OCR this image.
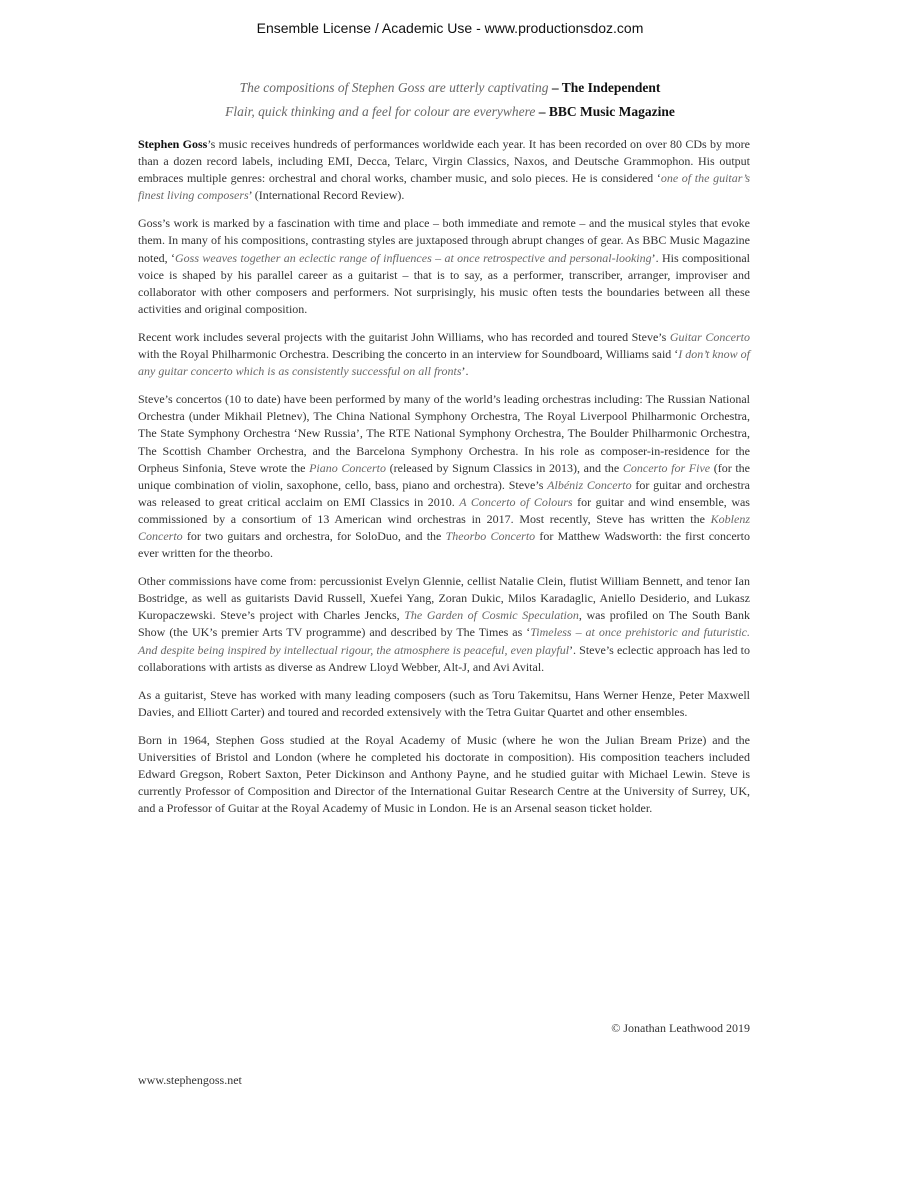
Ensemble License / Academic Use - www.productionsdoz.com
The compositions of Stephen Goss are utterly captivating – The Independent
Flair, quick thinking and a feel for colour are everywhere – BBC Music Magazine

Stephen Goss’s music receives hundreds of performances worldwide each year. It has been recorded on over 80 CDs by more than a dozen record labels, including EMI, Decca, Telarc, Virgin Classics, Naxos, and Deutsche Grammophon. His output embraces multiple genres: orchestral and choral works, chamber music, and solo pieces. He is considered ‘one of the guitar’s finest living composers’ (International Record Review).

Goss’s work is marked by a fascination with time and place – both immediate and remote – and the musical styles that evoke them. In many of his compositions, contrasting styles are juxtaposed through abrupt changes of gear. As BBC Music Magazine noted, ‘Goss weaves together an eclectic range of influences – at once retrospective and personal-looking’. His compositional voice is shaped by his parallel career as a guitarist – that is to say, as a performer, transcriber, arranger, improviser and collaborator with other composers and performers. Not surprisingly, his music often tests the boundaries between all these activities and original composition.

Recent work includes several projects with the guitarist John Williams, who has recorded and toured Steve’s Guitar Concerto with the Royal Philharmonic Orchestra. Describing the concerto in an interview for Soundboard, Williams said ‘I don’t know of any guitar concerto which is as consistently successful on all fronts’.

Steve’s concertos (10 to date) have been performed by many of the world’s leading orchestras including: The Russian National Orchestra (under Mikhail Pletnev), The China National Symphony Orchestra, The Royal Liverpool Philharmonic Orchestra, The State Symphony Orchestra ‘New Russia’, The RTE National Symphony Orchestra, The Boulder Philharmonic Orchestra, The Scottish Chamber Orchestra, and the Barcelona Symphony Orchestra. In his role as composer-in-residence for the Orpheus Sinfonia, Steve wrote the Piano Concerto (released by Signum Classics in 2013), and the Concerto for Five (for the unique combination of violin, saxophone, cello, bass, piano and orchestra). Steve’s Albéniz Concerto for guitar and orchestra was released to great critical acclaim on EMI Classics in 2010. A Concerto of Colours for guitar and wind ensemble, was commissioned by a consortium of 13 American wind orchestras in 2017. Most recently, Steve has written the Koblenz Concerto for two guitars and orchestra, for SoloDuo, and the Theorbo Concerto for Matthew Wadsworth: the first concerto ever written for the theorbo.

Other commissions have come from: percussionist Evelyn Glennie, cellist Natalie Clein, flutist William Bennett, and tenor Ian Bostridge, as well as guitarists David Russell, Xuefei Yang, Zoran Dukic, Milos Karadaglic, Aniello Desiderio, and Lukasz Kuropaczewski. Steve’s project with Charles Jencks, The Garden of Cosmic Speculation, was profiled on The South Bank Show (the UK’s premier Arts TV programme) and described by The Times as ‘Timeless – at once prehistoric and futuristic. And despite being inspired by intellectual rigour, the atmosphere is peaceful, even playful’. Steve’s eclectic approach has led to collaborations with artists as diverse as Andrew Lloyd Webber, Alt-J, and Avi Avital.

As a guitarist, Steve has worked with many leading composers (such as Toru Takemitsu, Hans Werner Henze, Peter Maxwell Davies, and Elliott Carter) and toured and recorded extensively with the Tetra Guitar Quartet and other ensembles.

Born in 1964, Stephen Goss studied at the Royal Academy of Music (where he won the Julian Bream Prize) and the Universities of Bristol and London (where he completed his doctorate in composition). His composition teachers included Edward Gregson, Robert Saxton, Peter Dickinson and Anthony Payne, and he studied guitar with Michael Lewin. Steve is currently Professor of Composition and Director of the International Guitar Research Centre at the University of Surrey, UK, and a Professor of Guitar at the Royal Academy of Music in London. He is an Arsenal season ticket holder.

© Jonathan Leathwood 2019
www.stephengoss.net
